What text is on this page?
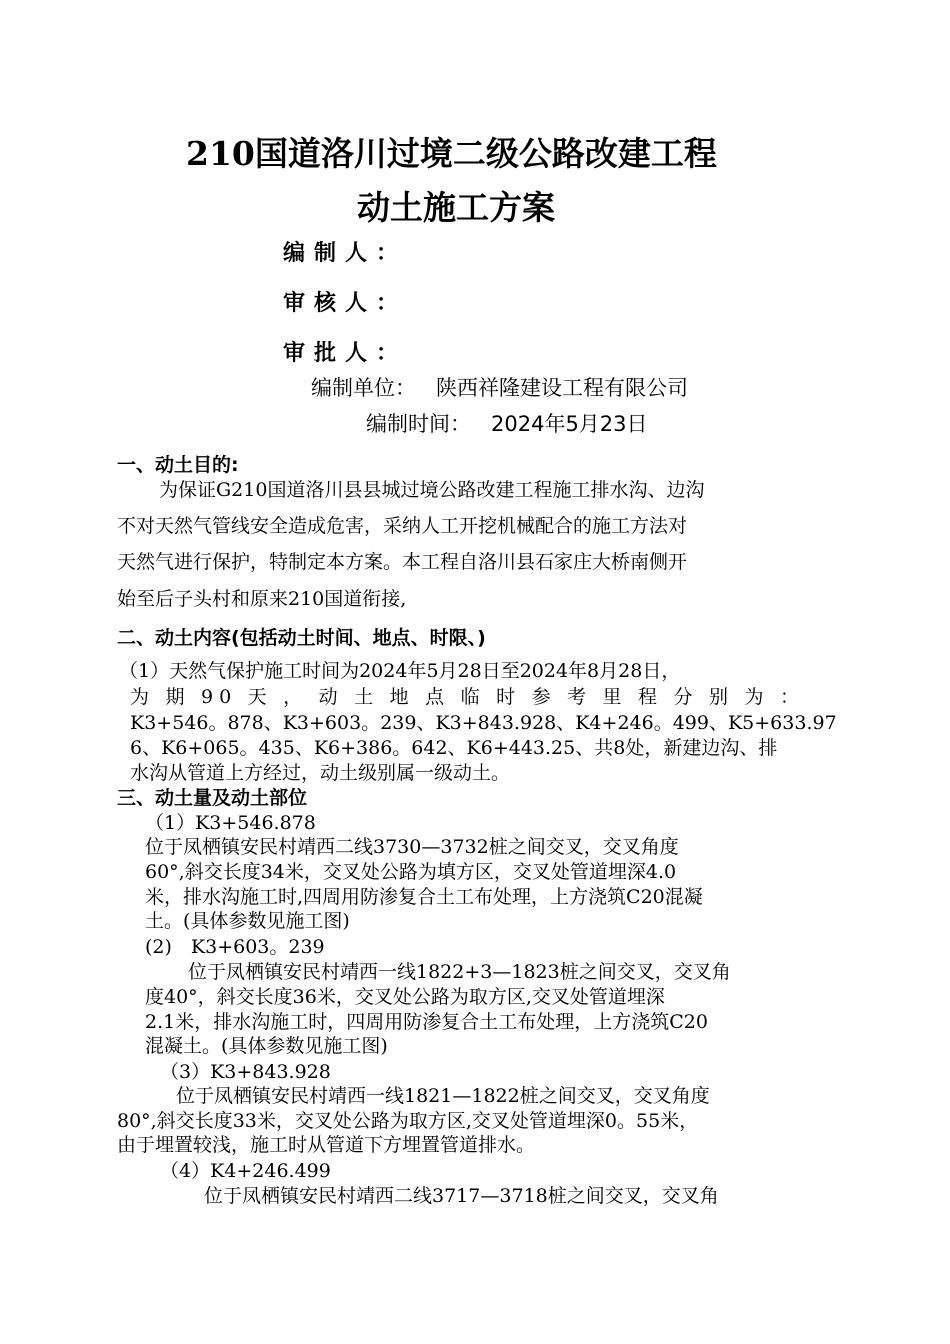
210国道洛川过境二级公路改建工程
动土施工方案
编制人：
审核人：
审批人：
编制单位： 陕西祥隆建设工程有限公司
编制时间： 2024年5月23日
一、动土目的:
为保证G210国道洛川县县城过境公路改建工程施工排水沟、边沟
不对天然气管线安全造成危害，采纳人工开挖机械配合的施工方法对
天然气进行保护，特制定本方案。本工程自洛川县石家庄大桥南侧开
始至后子头村和原来210国道衔接,
二、动土内容(包括动土时间、地点、时限、)
（1）天然气保护施工时间为2024年5月28日至2024年8月28日，
为期90天，动土地点临时参考里程分别为：
K3+546。878、K3+603。239、K3+843.928、K4+246。499、K5+633.97
6、K6+065。435、K6+386。642、K6+443.25、共8处，新建边沟、排
水沟从管道上方经过，动土级别属一级动土。
三、动土量及动土部位
（1）K3+546.878
位于凤栖镇安民村靖西二线3730—3732桩之间交叉，交叉角度
60°,斜交长度34米，交叉处公路为填方区，交叉处管道埋深4.0
米，排水沟施工时,四周用防渗复合土工布处理，上方浇筑C20混凝
土。(具体参数见施工图)
(2)　K3+603。239
位于凤栖镇安民村靖西一线1822+3—1823桩之间交叉，交叉角
度40°，斜交长度36米，交叉处公路为取方区,交叉处管道埋深
2.1米，排水沟施工时，四周用防渗复合土工布处理，上方浇筑C20
混凝土。(具体参数见施工图)
（3）K3+843.928
位于凤栖镇安民村靖西一线1821—1822桩之间交叉，交叉角度
80°,斜交长度33米，交叉处公路为取方区,交叉处管道埋深0。55米，
由于埋置较浅，施工时从管道下方埋置管道排水。
（4）K4+246.499
位于凤栖镇安民村靖西二线3717—3718桩之间交叉，交叉角
